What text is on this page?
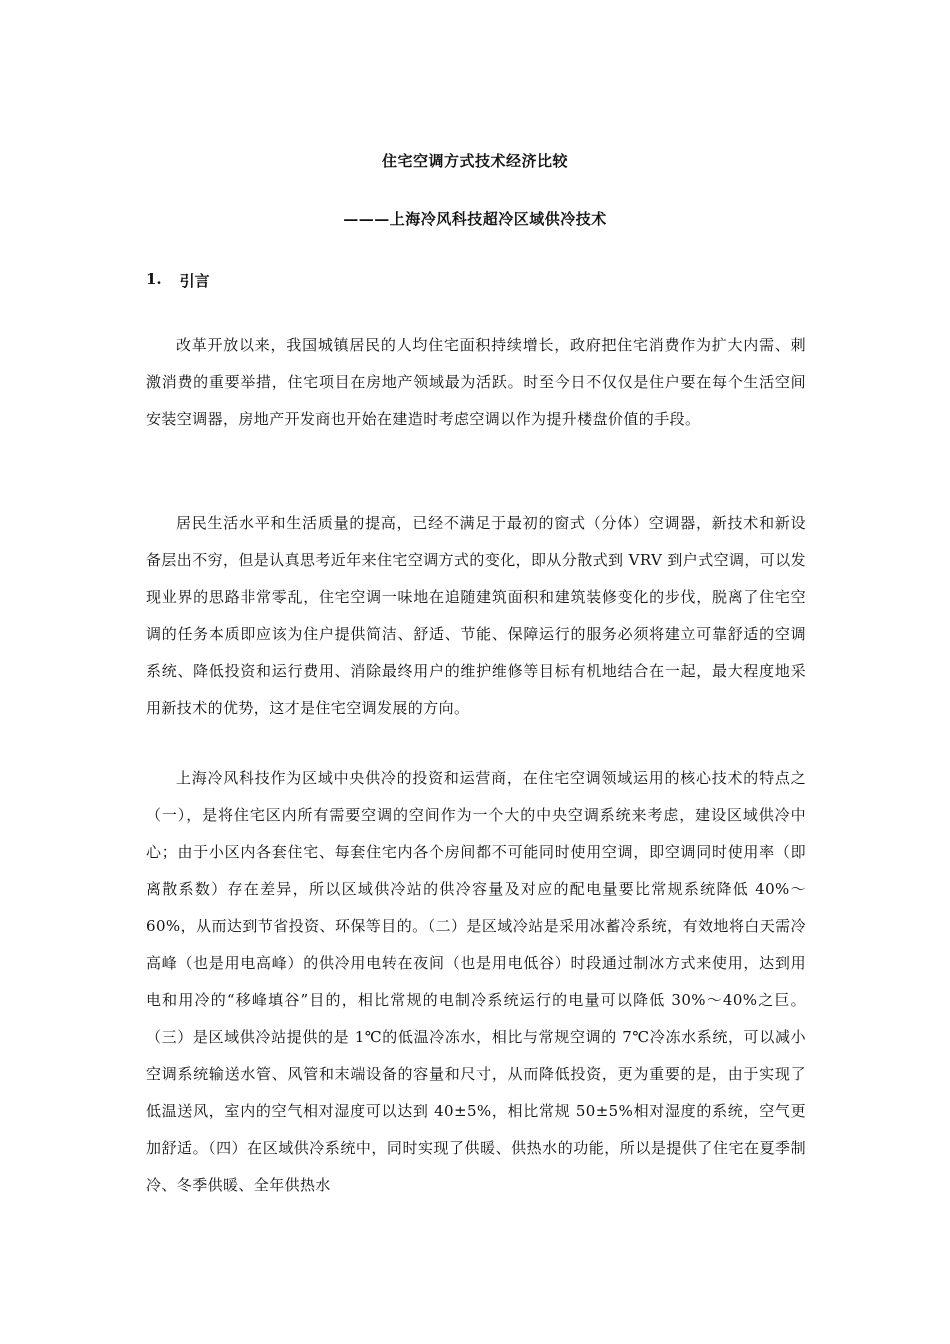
住宅空调方式技术经济比较
———上海冷风科技超冷区域供冷技术
1. 引言

改革开放以来，我国城镇居民的人均住宅面积持续增长，政府把住宅消费作为扩大内需、刺激消费的重要举措，住宅项目在房地产领域最为活跃。时至今日不仅仅是住户要在每个生活空间安装空调器，房地产开发商也开始在建造时考虑空调以作为提升楼盘价值的手段。

居民生活水平和生活质量的提高，已经不满足于最初的窗式（分体）空调器，新技术和新设备层出不穷，但是认真思考近年来住宅空调方式的变化，即从分散式到 VRV 到户式空调，可以发现业界的思路非常零乱，住宅空调一味地在追随建筑面积和建筑装修变化的步伐，脱离了住宅空调的任务本质即应该为住户提供简洁、舒适、节能、保障运行的服务必须将建立可靠舒适的空调系统、降低投资和运行费用、消除最终用户的维护维修等目标有机地结合在一起，最大程度地采用新技术的优势，这才是住宅空调发展的方向。

上海冷风科技作为区域中央供冷的投资和运营商，在住宅空调领域运用的核心技术的特点之（一），是将住宅区内所有需要空调的空间作为一个大的中央空调系统来考虑，建设区域供冷中心；由于小区内各套住宅、每套住宅内各个房间都不可能同时使用空调，即空调同时使用率（即离散系数）存在差异，所以区域供冷站的供冷容量及对应的配电量要比常规系统降低 40%～60%，从而达到节省投资、环保等目的。（二）是区域冷站是采用冰蓄冷系统，有效地将白天需冷高峰（也是用电高峰）的供冷用电转在夜间（也是用电低谷）时段通过制冰方式来使用，达到用电和用冷的“移峰填谷”目的，相比常规的电制冷系统运行的电量可以降低 30%～40%之巨。（三）是区域供冷站提供的是 1℃的低温冷冻水，相比与常规空调的 7℃冷冻水系统，可以减小空调系统输送水管、风管和末端设备的容量和尺寸，从而降低投资，更为重要的是，由于实现了低温送风，室内的空气相对湿度可以达到 40±5%，相比常规 50±5%相对湿度的系统，空气更加舒适。（四）在区域供冷系统中，同时实现了供暖、供热水的功能，所以是提供了住宅在夏季制冷、冬季供暖、全年供热水
